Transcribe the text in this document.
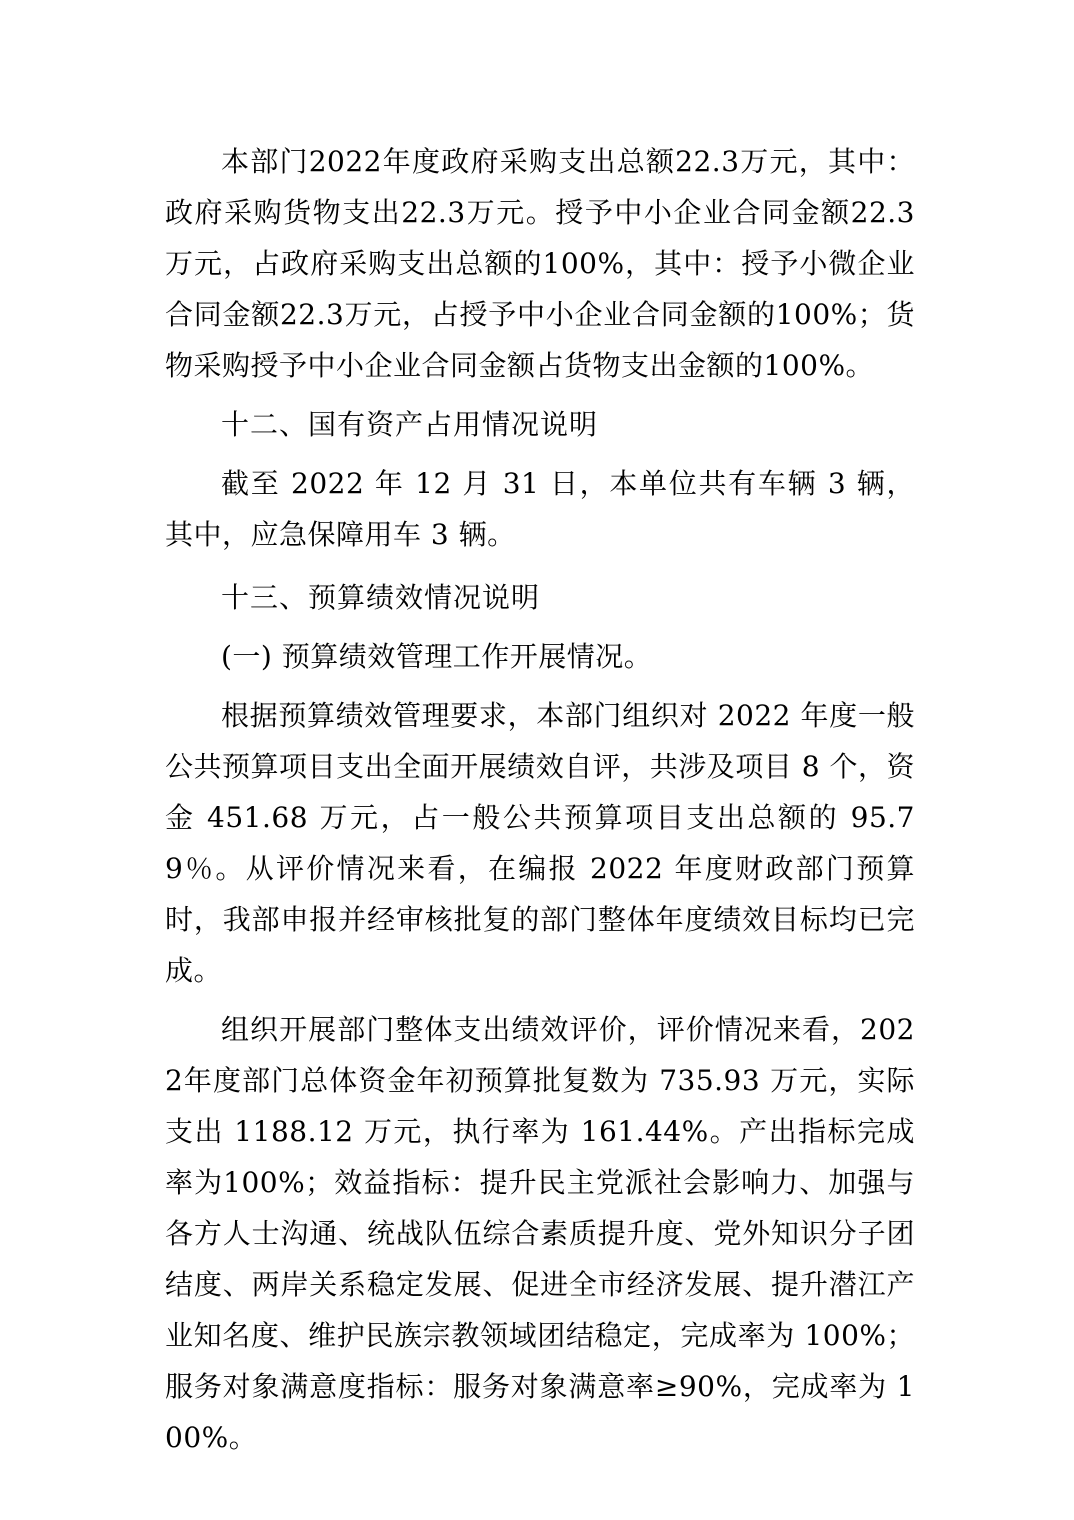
本部门2022年度政府采购支出总额22.3万元，其中：政府采购货物支出22.3万元。授予中小企业合同金额22.3万元，占政府采购支出总额的100%，其中：授予小微企业合同金额22.3万元，占授予中小企业合同金额的100%；货物采购授予中小企业合同金额占货物支出金额的100%。

十二、国有资产占用情况说明

截至 2022 年 12 月 31 日，本单位共有车辆 3 辆，其中，应急保障用车 3 辆。

十三、预算绩效情况说明

(一) 预算绩效管理工作开展情况。

根据预算绩效管理要求，本部门组织对 2022 年度一般公共预算项目支出全面开展绩效自评，共涉及项目 8 个，资金 451.68 万元，占一般公共预算项目支出总额的 95.79％。从评价情况来看，在编报 2022 年度财政部门预算时，我部申报并经审核批复的部门整体年度绩效目标均已完成。

组织开展部门整体支出绩效评价，评价情况来看，2022年度部门总体资金年初预算批复数为 735.93 万元，实际支出 1188.12 万元，执行率为 161.44%。产出指标完成率为100%；效益指标：提升民主党派社会影响力、加强与各方人士沟通、统战队伍综合素质提升度、党外知识分子团结度、两岸关系稳定发展、促进全市经济发展、提升潜江产业知名度、维护民族宗教领域团结稳定，完成率为 100%；服务对象满意度指标：服务对象满意率≥90%，完成率为 100%。
